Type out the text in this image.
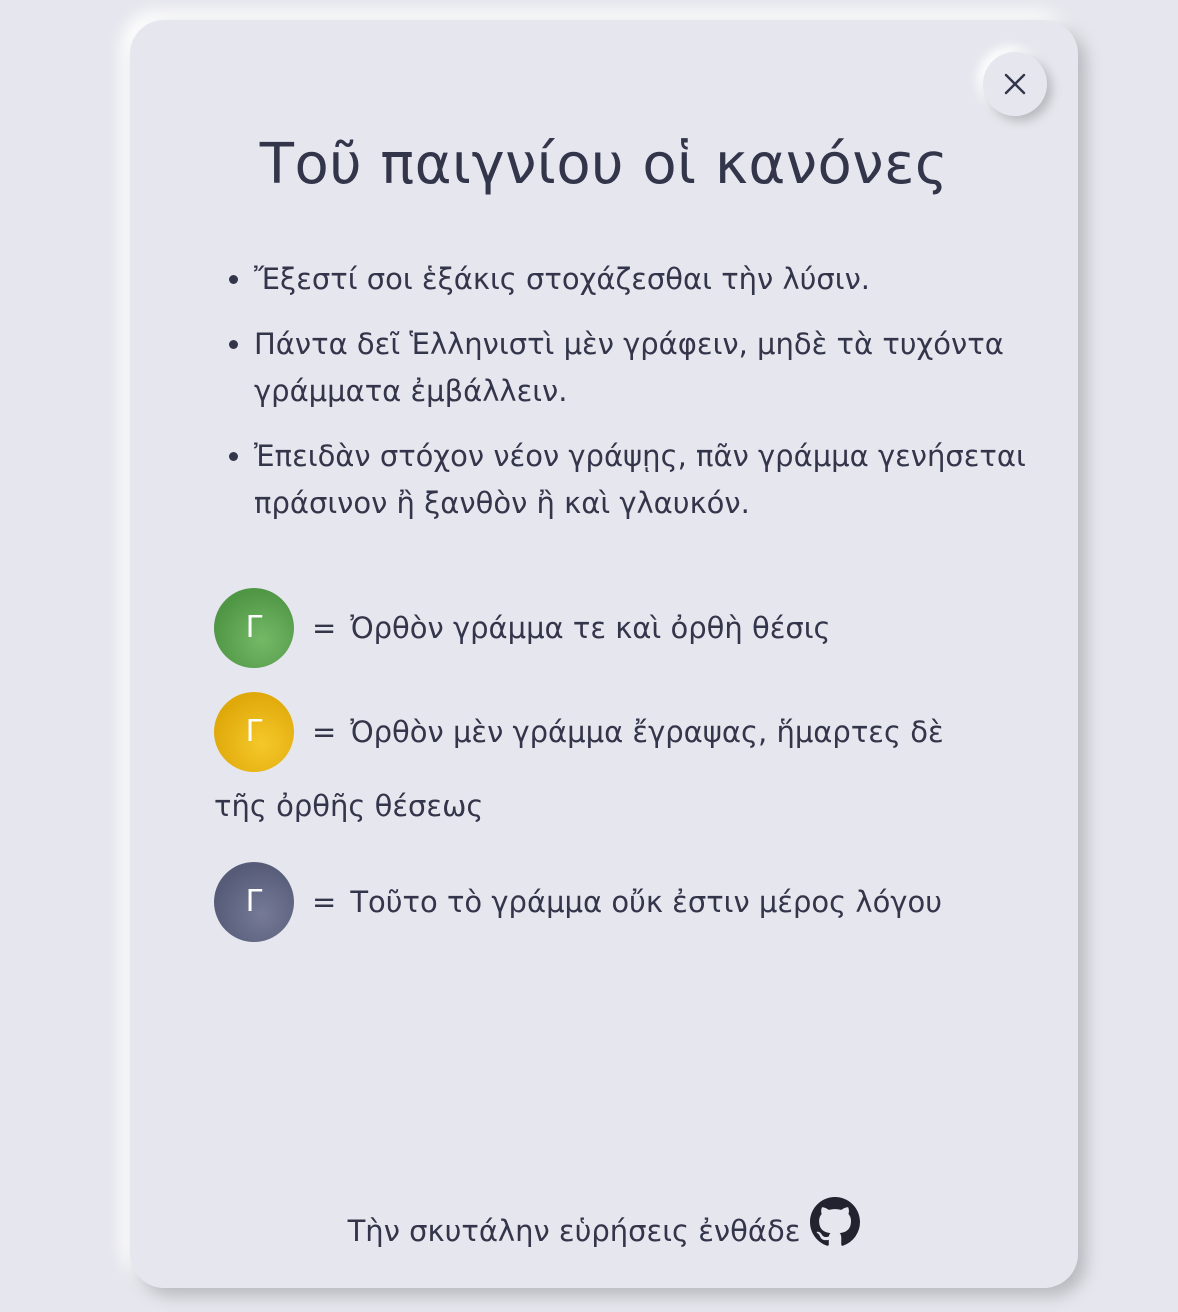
Τοῦ παιγνίου οἱ κανόνες
• Ἔξεστί σοι ἑξάκις στοχάζεσθαι τὴν λύσιν.
• Πάντα δεῖ Ἑλληνιστὶ μὲν γράφειν, μηδὲ τὰ τυχόντα γράμματα ἐμβάλλειν.
• Ἐπειδὰν στόχον νέον γράψῃς, πᾶν γράμμα γενήσεται πράσινον ἢ ξανθὸν ἢ καὶ γλαυκόν.
Γ = Ὀρθὸν γράμμα τε καὶ ὀρθὴ θέσις
Γ = Ὀρθὸν μὲν γράμμα ἔγραψας, ἥμαρτες δὲ τῆς ὀρθῆς θέσεως
Γ = Τοῦτο τὸ γράμμα οὔκ ἐστιν μέρος λόγου
Τὴν σκυτάλην εὑρήσεις ἐνθάδε
